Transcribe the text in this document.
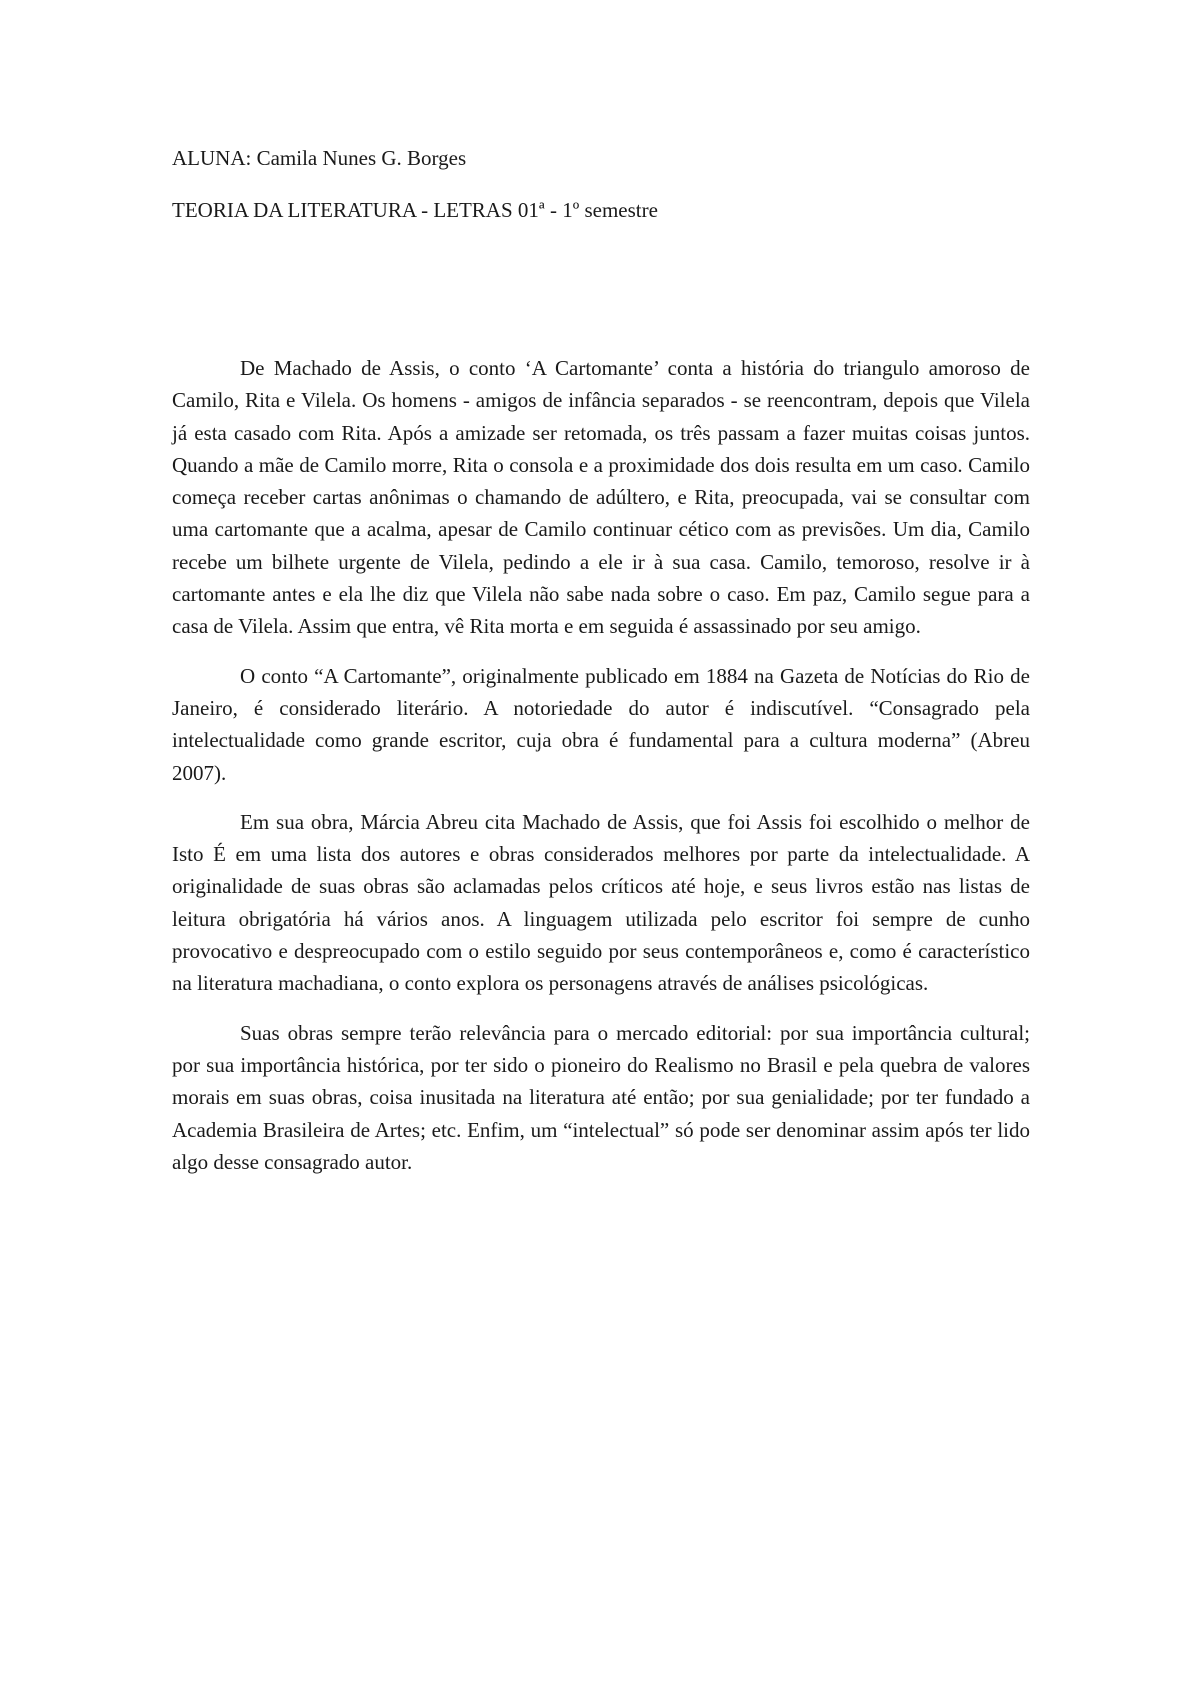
ALUNA: Camila Nunes G. Borges
TEORIA DA LITERATURA - LETRAS 01ª - 1º semestre

De Machado de Assis, o conto ‘A Cartomante’ conta a história do triangulo amoroso de Camilo, Rita e Vilela. Os homens - amigos de infância separados - se reencontram, depois que Vilela já esta casado com Rita. Após a amizade ser retomada, os três passam a fazer muitas coisas juntos. Quando a mãe de Camilo morre, Rita o consola e a proximidade dos dois resulta em um caso. Camilo começa receber cartas anônimas o chamando de adúltero, e Rita, preocupada, vai se consultar com uma cartomante que a acalma, apesar de Camilo continuar cético com as previsões. Um dia, Camilo recebe um bilhete urgente de Vilela, pedindo a ele ir à sua casa. Camilo, temoroso, resolve ir à cartomante antes e ela lhe diz que Vilela não sabe nada sobre o caso. Em paz, Camilo segue para a casa de Vilela. Assim que entra, vê Rita morta e em seguida é assassinado por seu amigo.

O conto “A Cartomante”, originalmente publicado em 1884 na Gazeta de Notícias do Rio de Janeiro, é considerado literário. A notoriedade do autor é indiscutível. “Consagrado pela intelectualidade como grande escritor, cuja obra é fundamental para a cultura moderna” (Abreu 2007).

Em sua obra, Márcia Abreu cita Machado de Assis, que foi Assis foi escolhido o melhor de Isto É em uma lista dos autores e obras considerados melhores por parte da intelectualidade. A originalidade de suas obras são aclamadas pelos críticos até hoje, e seus livros estão nas listas de leitura obrigatória há vários anos. A linguagem utilizada pelo escritor foi sempre de cunho provocativo e despreocupado com o estilo seguido por seus contemporâneos e, como é característico na literatura machadiana, o conto explora os personagens através de análises psicológicas.

Suas obras sempre terão relevância para o mercado editorial: por sua importância cultural; por sua importância histórica, por ter sido o pioneiro do Realismo no Brasil e pela quebra de valores morais em suas obras, coisa inusitada na literatura até então; por sua genialidade; por ter fundado a Academia Brasileira de Artes; etc. Enfim, um “intelectual” só pode ser denominar assim após ter lido algo desse consagrado autor.
